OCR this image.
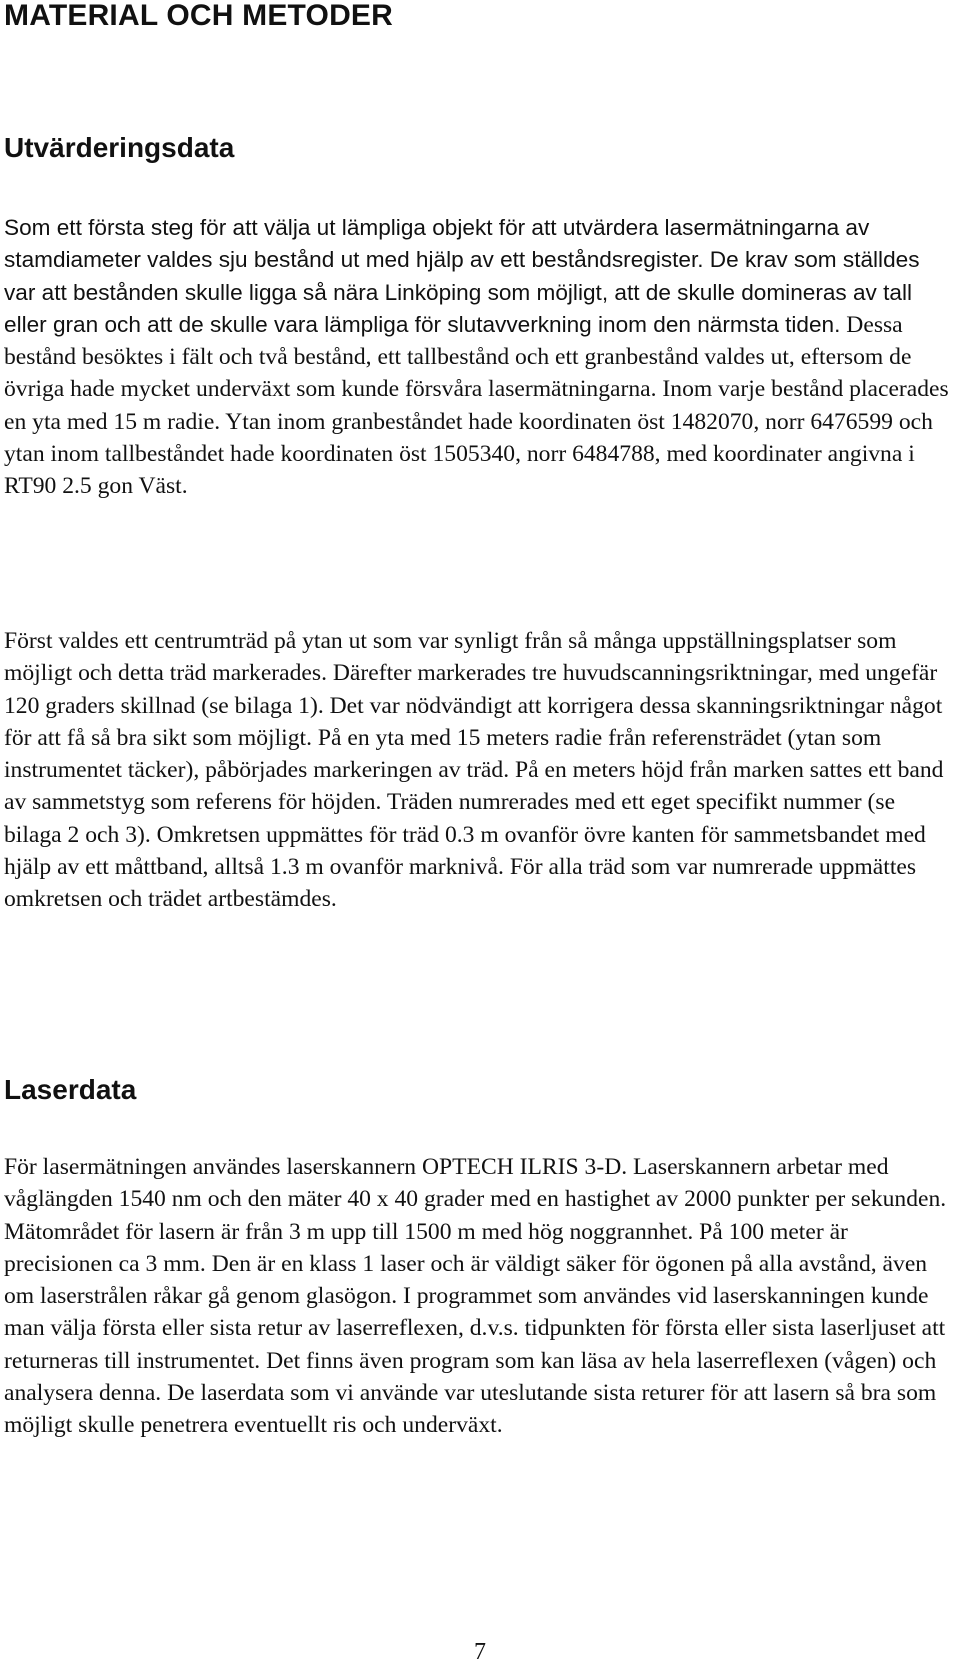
MATERIAL OCH METODER
Utvärderingsdata

Som ett första steg för att välja ut lämpliga objekt för att utvärdera lasermätningarna av stamdiameter valdes sju bestånd ut med hjälp av ett beståndsregister. De krav som ställdes var att bestånden skulle ligga så nära Linköping som möjligt, att de skulle domineras av tall eller gran och att de skulle vara lämpliga för slutavverkning inom den närmsta tiden. Dessa bestånd besöktes i fält och två bestånd, ett tallbestånd och ett granbestånd valdes ut, eftersom de övriga hade mycket underväxt som kunde försvåra lasermätningarna. Inom varje bestånd placerades en yta med 15 m radie. Ytan inom granbeståndet hade koordinaten öst 1482070, norr 6476599 och ytan inom tallbeståndet hade koordinaten öst 1505340, norr 6484788, med koordinater angivna i RT90 2.5 gon Väst.

Först valdes ett centrumträd på ytan ut som var synligt från så många uppställningsplatser som möjligt och detta träd markerades. Därefter markerades tre huvudscanningsriktningar, med ungefär 120 graders skillnad (se bilaga 1). Det var nödvändigt att korrigera dessa skanningsriktningar något för att få så bra sikt som möjligt. På en yta med 15 meters radie från referensträdet (ytan som instrumentet täcker), påbörjades markeringen av träd. På en meters höjd från marken sattes ett band av sammetstyg som referens för höjden. Träden numrerades med ett eget specifikt nummer (se bilaga 2 och 3). Omkretsen uppmättes för träd 0.3 m ovanför övre kanten för sammetsbandet med hjälp av ett måttband, alltså 1.3 m ovanför marknivå. För alla träd som var numrerade uppmättes omkretsen och trädet artbestämdes.

Laserdata

För lasermätningen användes laserskannern OPTECH ILRIS 3-D. Laserskannern arbetar med våglängden 1540 nm och den mäter 40 x 40 grader med en hastighet av 2000 punkter per sekunden. Mätområdet för lasern är från 3 m upp till 1500 m med hög noggrannhet. På 100 meter är precisionen ca 3 mm. Den är en klass 1 laser och är väldigt säker för ögonen på alla avstånd, även om laserstrålen råkar gå genom glasögon. I programmet som användes vid laserskanningen kunde man välja första eller sista retur av laserreflexen, d.v.s. tidpunkten för första eller sista laserljuset att returneras till instrumentet. Det finns även program som kan läsa av hela laserreflexen (vågen) och analysera denna. De laserdata som vi använde var uteslutande sista returer för att lasern så bra som möjligt skulle penetrera eventuellt ris och underväxt.

7
